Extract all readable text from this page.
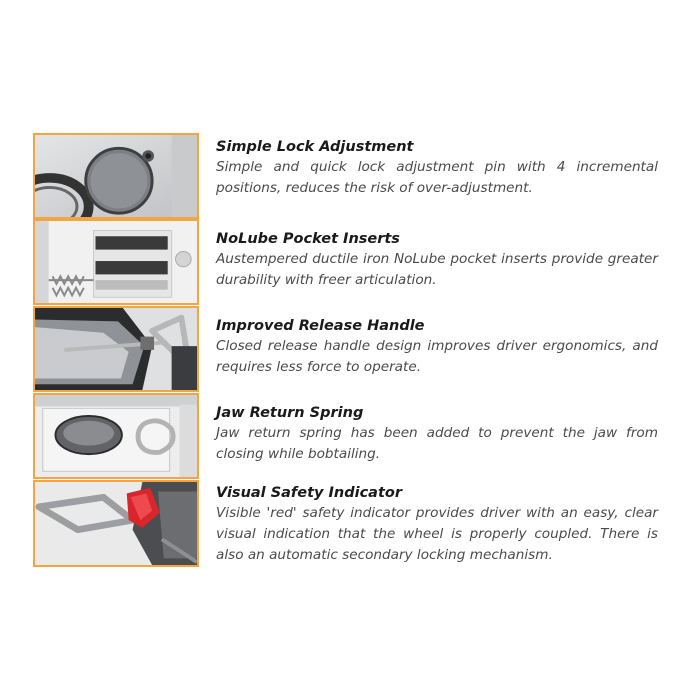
Simple Lock Adjustment

Simple and quick lock adjustment pin with 4 incremental positions, reduces the risk of over-adjustment.

NoLube Pocket Inserts

Austempered ductile iron NoLube pocket inserts provide greater durability with freer articulation.

Improved Release Handle

Closed release handle design improves driver ergonomics, and requires less force to operate.

Jaw Return Spring

Jaw return spring has been added to prevent the jaw from closing while bobtailing.

Visual Safety Indicator

Visible 'red' safety indicator provides driver with an easy, clear visual indication that the wheel is properly coupled. There is also an automatic secondary locking mechanism.
